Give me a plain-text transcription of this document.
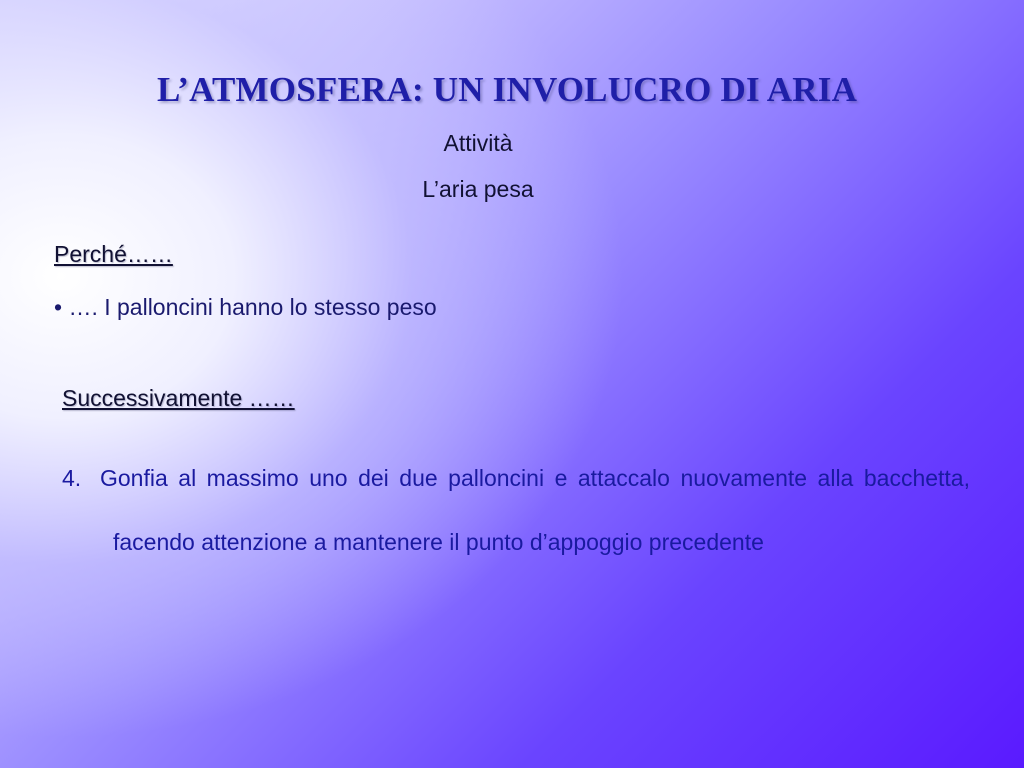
L’ATMOSFERA: UN INVOLUCRO DI ARIA
Attività
L’aria pesa
Perché……
• …. I palloncini hanno lo stesso peso
Successivamente ……
4. Gonfia al massimo uno dei due palloncini e attaccalo nuovamente alla bacchetta, facendo attenzione a mantenere il punto d’appoggio precedente
